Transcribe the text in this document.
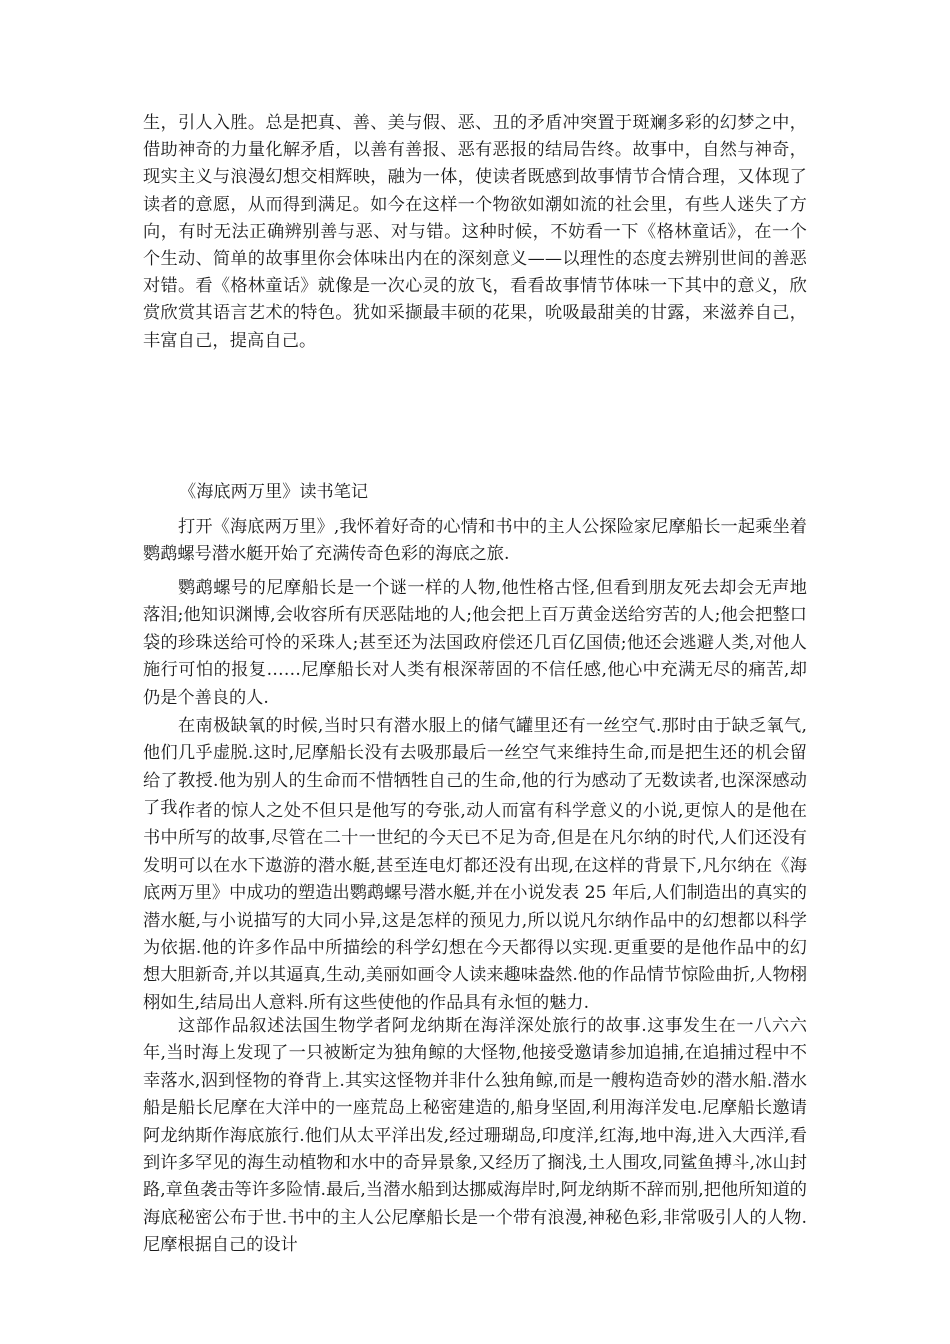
生，引人入胜。总是把真、善、美与假、恶、丑的矛盾冲突置于斑斓多彩的幻梦之中，借助神奇的力量化解矛盾，以善有善报、恶有恶报的结局告终。故事中，自然与神奇，现实主义与浪漫幻想交相辉映，融为一体，使读者既感到故事情节合情合理，又体现了读者的意愿，从而得到满足。如今在这样一个物欲如潮如流的社会里，有些人迷失了方向，有时无法正确辨别善与恶、对与错。这种时候，不妨看一下《格林童话》，在一个个生动、简单的故事里你会体味出内在的深刻意义——以理性的态度去辨别世间的善恶对错。看《格林童话》就像是一次心灵的放飞，看看故事情节体味一下其中的意义，欣赏欣赏其语言艺术的特色。犹如采撷最丰硕的花果，吮吸最甜美的甘露，来滋养自己，丰富自己，提高自己。

《海底两万里》读书笔记

打开《海底两万里》,我怀着好奇的心情和书中的主人公探险家尼摩船长一起乘坐着鹦鹉螺号潜水艇开始了充满传奇色彩的海底之旅.

鹦鹉螺号的尼摩船长是一个谜一样的人物,他性格古怪,但看到朋友死去却会无声地落泪;他知识渊博,会收容所有厌恶陆地的人;他会把上百万黄金送给穷苦的人;他会把整口袋的珍珠送给可怜的采珠人;甚至还为法国政府偿还几百亿国债;他还会逃避人类,对他人施行可怕的报复……尼摩船长对人类有根深蒂固的不信任感,他心中充满无尽的痛苦,却仍是个善良的人.

在南极缺氧的时候,当时只有潜水服上的储气罐里还有一丝空气.那时由于缺乏氧气,他们几乎虚脱.这时,尼摩船长没有去吸那最后一丝空气来维持生命,而是把生还的机会留给了教授.他为别人的生命而不惜牺牲自己的生命,他的行为感动了无数读者,也深深感动了我.

作者的惊人之处不但只是他写的夸张,动人而富有科学意义的小说,更惊人的是他在书中所写的故事,尽管在二十一世纪的今天已不足为奇,但是在凡尔纳的时代,人们还没有发明可以在水下遨游的潜水艇,甚至连电灯都还没有出现,在这样的背景下,凡尔纳在《海底两万里》中成功的塑造出鹦鹉螺号潜水艇,并在小说发表 25 年后,人们制造出的真实的潜水艇,与小说描写的大同小异,这是怎样的预见力,所以说凡尔纳作品中的幻想都以科学为依据.他的许多作品中所描绘的科学幻想在今天都得以实现.更重要的是他作品中的幻想大胆新奇,并以其逼真,生动,美丽如画令人读来趣味盎然.他的作品情节惊险曲折,人物栩栩如生,结局出人意料.所有这些使他的作品具有永恒的魅力.

这部作品叙述法国生物学者阿龙纳斯在海洋深处旅行的故事.这事发生在一八六六年,当时海上发现了一只被断定为独角鲸的大怪物,他接受邀请参加追捕,在追捕过程中不幸落水,泅到怪物的脊背上.其实这怪物并非什么独角鲸,而是一艘构造奇妙的潜水船.潜水船是船长尼摩在大洋中的一座荒岛上秘密建造的,船身坚固,利用海洋发电.尼摩船长邀请阿龙纳斯作海底旅行.他们从太平洋出发,经过珊瑚岛,印度洋,红海,地中海,进入大西洋,看到许多罕见的海生动植物和水中的奇异景象,又经历了搁浅,土人围攻,同鲨鱼搏斗,冰山封路,章鱼袭击等许多险情.最后,当潜水船到达挪威海岸时,阿龙纳斯不辞而别,把他所知道的海底秘密公布于世.书中的主人公尼摩船长是一个带有浪漫,神秘色彩,非常吸引人的人物.尼摩根据自己的设计
